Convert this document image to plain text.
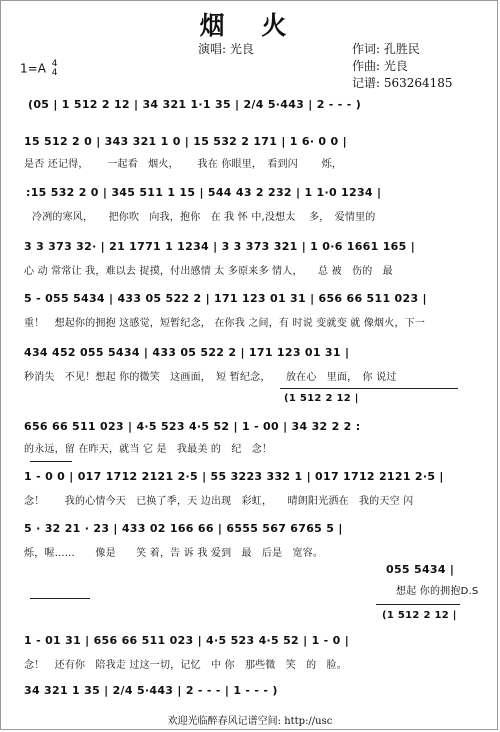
烟 火
演唱: 光良	作词: 孔胜民
作曲: 光良
记谱: 563264185
1=A 4
4
(05 | 1 512 2 12 | 34 321 1·1 35 | 2/4 5·443 | 2 - - - )
15 512 2 0 | 343 321 1 0 | 15 532 2 171 | 1 6· 0 0 |
是否 还记得，　　 一起看　烟火，　　 我在 你眼里，　看到闪　　 烁，
:15 532 2 0 | 345 511 1 15 | 544 43 2 232 | 1 1·0 1234 |
冷冽的寒风，　　把你吹　向我，抱你　在 我 怀 中,没想太　 多，　爱情里的
3 3 373 32· | 21 1771 1 1234 | 3 3 373 321 | 1 0·6 1661 165 |
心 动 常常让 我，难以去 捉摸，付出感情 太 多原来多 情人，　　总 被　伤的　最
5 - 055 5434 | 433 05 522 2 | 171 123 01 31 | 656 66 511 023 |
重！　想起你的拥抱 这感觉，短暂纪念， 在你我 之间，有 时说 变就变 就 像烟火，下一
434 452 055 5434 | 433 05 522 2 | 171 123 01 31 |
秒消失　不见！想起 你的微笑　这画面，　短 暂纪念，　　放在心　里面，　你 说过
(1 512 2 12 |
656 66 511 023 | 4·5 523 4·5 52 | 1 - 00 | 34 32 2 2 :
的永远，留 在昨天，就当 它 是　我最美 的　纪　念！
1 - 0 0 | 017 1712 2121 2·5 | 55 3223 332 1 | 017 1712 2121 2·5 |
念！　　我的心情今天　已换了季，天 边出现　彩虹，　　晴朗阳光洒在　我的天空 闪
5 · 32 21 · 23 | 433 02 166 66 | 6555 567 6765 5 |
烁，喔……　　像是　　笑 着，告 诉 我 爱到　最　后是　宽容。
055 5434 |
想起 你的拥抱D.S
(1 512 2 12 |
1 - 01 31 | 656 66 511 023 | 4·5 523 4·5 52 | 1 - 0 |
念！　还有你　陪我走 过这一切，记忆　中 你　那些微　笑　的　脸。
34 321 1 35 | 2/4 5·443 | 2 - - - | 1 - - - )
欢迎光临醉春风记谱空间: http://usc
